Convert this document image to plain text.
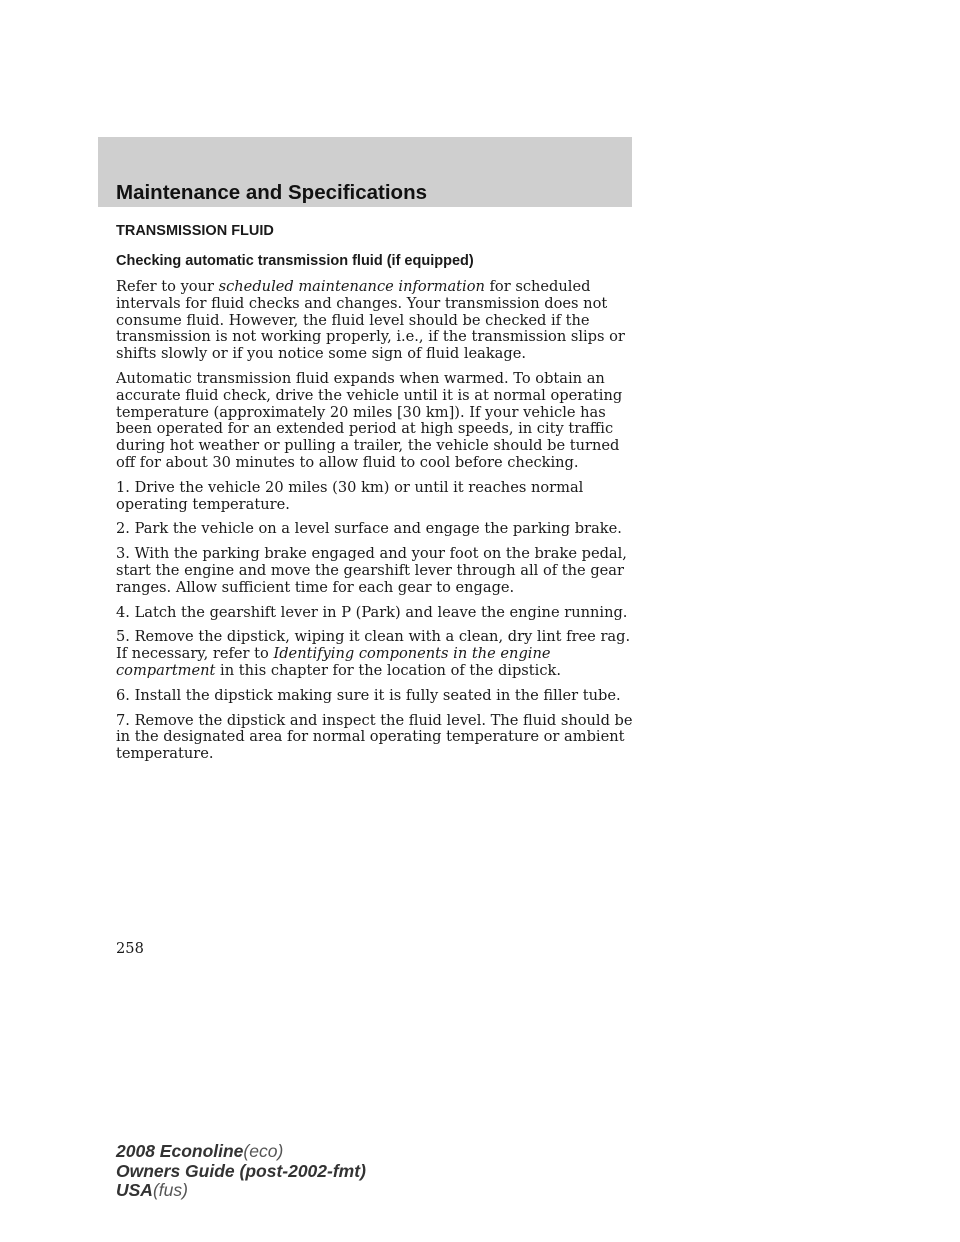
Maintenance and Specifications
TRANSMISSION FLUID
Checking automatic transmission fluid (if equipped)

Refer to your scheduled maintenance information for scheduled intervals for fluid checks and changes. Your transmission does not consume fluid. However, the fluid level should be checked if the transmission is not working properly, i.e., if the transmission slips or shifts slowly or if you notice some sign of fluid leakage.

Automatic transmission fluid expands when warmed. To obtain an accurate fluid check, drive the vehicle until it is at normal operating temperature (approximately 20 miles [30 km]). If your vehicle has been operated for an extended period at high speeds, in city traffic during hot weather or pulling a trailer, the vehicle should be turned off for about 30 minutes to allow fluid to cool before checking.

1. Drive the vehicle 20 miles (30 km) or until it reaches normal operating temperature.

2. Park the vehicle on a level surface and engage the parking brake.

3. With the parking brake engaged and your foot on the brake pedal, start the engine and move the gearshift lever through all of the gear ranges. Allow sufficient time for each gear to engage.

4. Latch the gearshift lever in P (Park) and leave the engine running.

5. Remove the dipstick, wiping it clean with a clean, dry lint free rag. If necessary, refer to Identifying components in the engine compartment in this chapter for the location of the dipstick.

6. Install the dipstick making sure it is fully seated in the filler tube.

7. Remove the dipstick and inspect the fluid level. The fluid should be in the designated area for normal operating temperature or ambient temperature.

258
2008 Econoline(eco)
Owners Guide (post-2002-fmt)
USA(fus)
